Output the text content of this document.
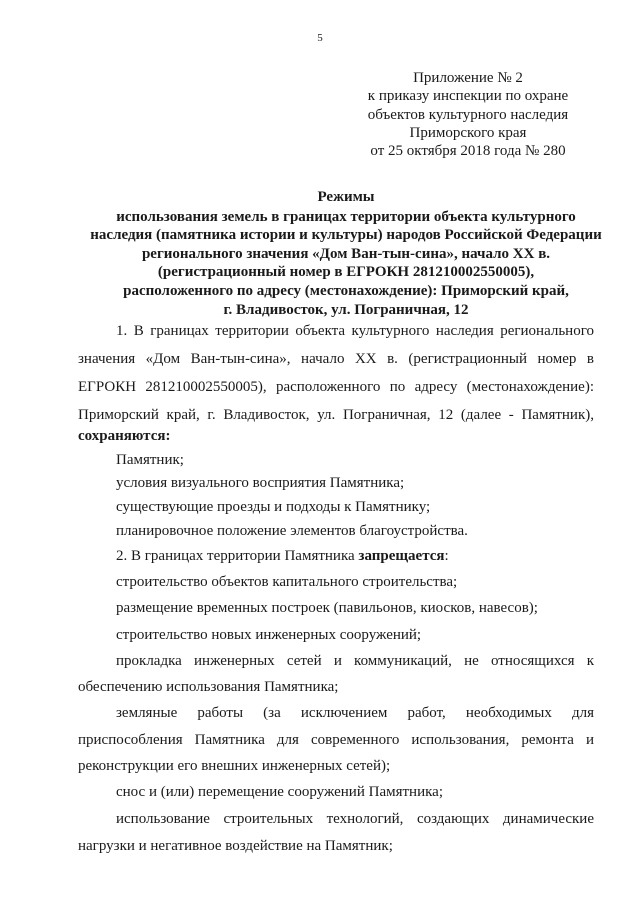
5
Приложение № 2
к приказу инспекции по охране
объектов культурного наследия
Приморского края
от 25 октября 2018 года № 280
Режимы
использования земель в границах территории объекта культурного
наследия (памятника истории и культуры) народов Российской Федерации
регионального значения «Дом Ван-тын-сина», начало XX в.
(регистрационный номер в ЕГРОКН 281210002550005),
расположенного по адресу (местонахождение): Приморский край,
г. Владивосток, ул. Пограничная, 12
1. В границах территории объекта культурного наследия регионального
значения «Дом Ван-тын-сина», начало XX в. (регистрационный номер в
ЕГРОКН 281210002550005), расположенного по адресу (местонахождение):
Приморский край, г. Владивосток, ул. Пограничная, 12 (далее - Памятник),
сохраняются:
Памятник;
условия визуального восприятия Памятника;
существующие проезды и подходы к Памятнику;
планировочное положение элементов благоустройства.
2. В границах территории Памятника запрещается:
строительство объектов капитального строительства;
размещение временных построек (павильонов, киосков, навесов);
строительство новых инженерных сооружений;
прокладка инженерных сетей и коммуникаций, не относящихся к
обеспечению использования Памятника;
земляные работы (за исключением работ, необходимых для
приспособления Памятника для современного использования, ремонта и
реконструкции его внешних инженерных сетей);
снос и (или) перемещение сооружений Памятника;
использование строительных технологий, создающих динамические
нагрузки и негативное воздействие на Памятник;
